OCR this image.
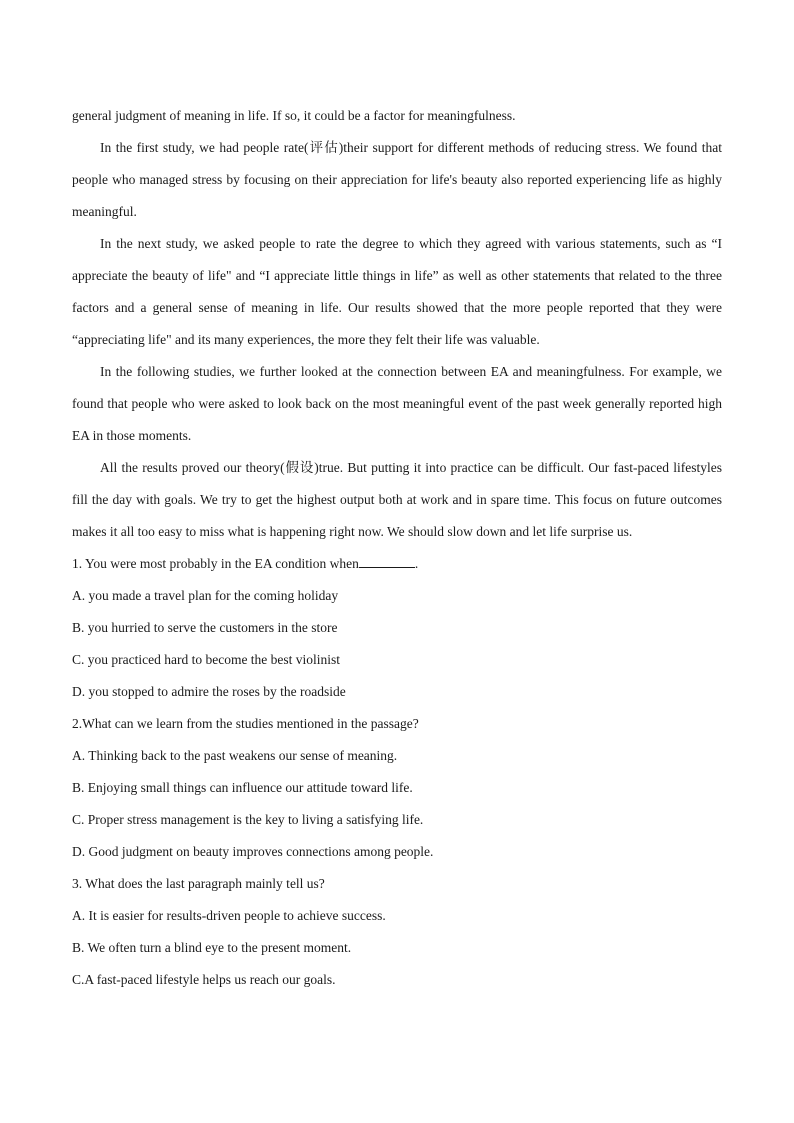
general judgment of meaning in life. If so, it could be a factor for meaningfulness.

In the first study, we had people rate(评估)their support for different methods of reducing stress. We found that people who managed stress by focusing on their appreciation for life's beauty also reported experiencing life as highly meaningful.

In the next study, we asked people to rate the degree to which they agreed with various statements, such as “I appreciate the beauty of life" and “I appreciate little things in life” as well as other statements that related to the three factors and a general sense of meaning in life. Our results showed that the more people reported that they were “appreciating life" and its many experiences, the more they felt their life was valuable.

In the following studies, we further looked at the connection between EA and meaningfulness. For example, we found that people who were asked to look back on the most meaningful event of the past week generally reported high EA in those moments.

All the results proved our theory(假设)true. But putting it into practice can be difficult. Our fast-paced lifestyles fill the day with goals. We try to get the highest output both at work and in spare time. This focus on future outcomes makes it all too easy to miss what is happening right now. We should slow down and let life surprise us.

1. You were most probably in the EA condition when	.

A. you made a travel plan for the coming holiday

B. you hurried to serve the customers in the store

C. you practiced hard to become the best violinist

D. you stopped to admire the roses by the roadside

2.What can we learn from the studies mentioned in the passage?

A. Thinking back to the past weakens our sense of meaning.

B. Enjoying small things can influence our attitude toward life.

C. Proper stress management is the key to living a satisfying life.

D. Good judgment on beauty improves connections among people.

3. What does the last paragraph mainly tell us?

A. It is easier for results-driven people to achieve success.

B. We often turn a blind eye to the present moment.

C.A fast-paced lifestyle helps us reach our goals.
